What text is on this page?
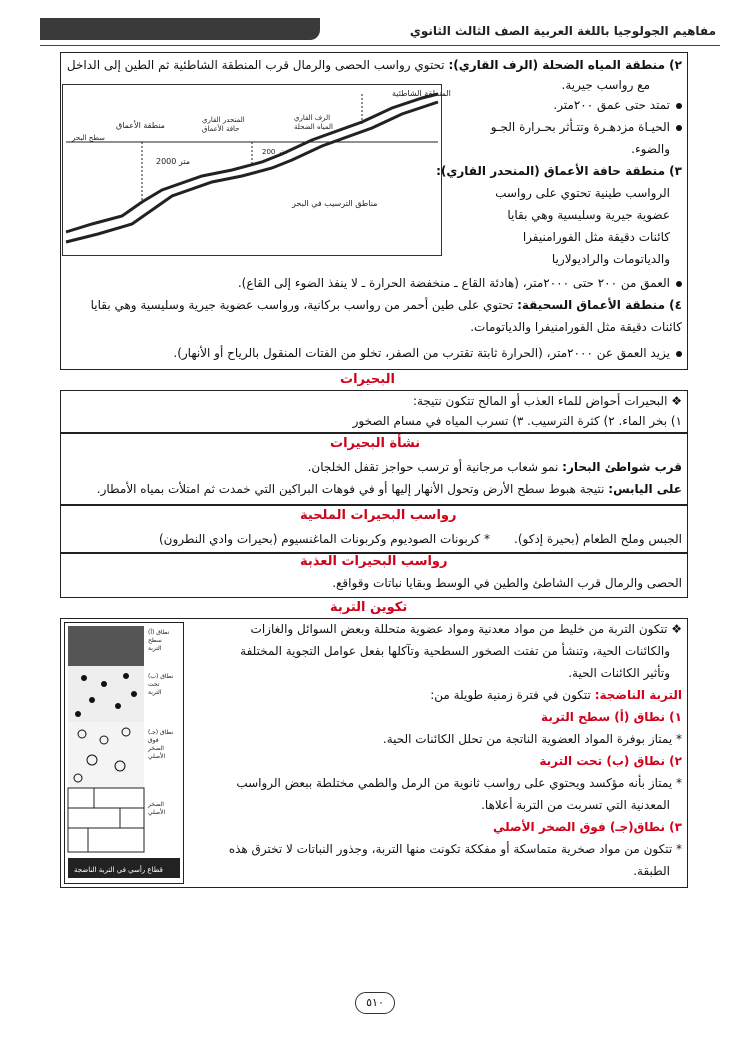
مفاهيم الجولوجيا باللغة العربية الصف الثالث الثانوي
٢) منطقة المياه الضحلة (الرف القاري): تحتوي رواسب الحصى والرمال قرب المنطقة الشاطئية ثم الطين إلى الداخل
مع رواسب جيرية.
المنطقة الشاطئية
الرف القاري المياه الضحلة
المنحدر القاري حافة الأعماق
منطقة الأعماق
سطح البحر
200 متر
2000 متر
مناطق الترسيب في البحر
تمتد حتى عمق ٢٠٠متر.
الحيـاة مزدهـرة وتتـأثر بحـرارة الجـو
والضوء.
٣) منطقة حافة الأعماق (المنحدر القاري):
الرواسب طينية تحتوي على رواسب
عضوية جيرية وسليسية وهي بقايا
كائنات دقيقة مثل الفورامنيفرا
والدياتومات والراديولاريا
العمق من ٢٠٠ حتى ٢٠٠٠متر، (هادئة القاع ـ منخفضة الحرارة ـ لا ينفذ الضوء إلى القاع).
٤) منطقة الأعماق السحيقة: تحتوي على طين أحمر من رواسب بركانية، ورواسب عضوية جيرية وسليسية وهي بقايا
كائنات دقيقة مثل الفورامنيفرا والدياتومات.
يزيد العمق عن ٢٠٠٠متر، (الحرارة ثابتة تقترب من الصفر، تخلو من الفتات المنقول بالرياح أو الأنهار).
البحيرات
❖ البحيرات أحواض للماء العذب أو المالح تتكون نتيجة:
١) بخر الماء. ٢) كثرة الترسيب. ٣) تسرب المياه في مسام الصخور
نشأة البحيرات
قرب شواطئ البحار: نمو شعاب مرجانية أو ترسب حواجز تقفل الخلجان.
على اليابس: نتيجة هبوط سطح الأرض وتحول الأنهار إليها أو في فوهات البراكين التي خمدت ثم امتلأت بمياه الأمطار.
رواسب البحيرات الملحية
الجبس وملح الطعام (بحيرة إدكو).
* كربونات الصوديوم وكربونات الماغنسيوم (بحيرات وادي النطرون)
رواسب البحيرات العذبة
الحصى والرمال قرب الشاطئ والطين في الوسط وبقايا نباتات وقواقع.
تكوين التربة
❖ تتكون التربة من خليط من مواد معدنية ومواد عضوية متحللة وبعض السوائل والغازات
والكائنات الحية، وتنشأ من تفتت الصخور السطحية وتآكلها بفعل عوامل التجوية المختلفة
وتأثير الكائنات الحية.
التربة الناضجة: تتكون في فترة زمنية طويلة من:
١) نطاق (أ) سطح التربة
* يمتاز بوفرة المواد العضوية الناتجة من تحلل الكائنات الحية.
٢) نطاق (ب) تحت التربة
* يمتاز بأنه مؤكسد ويحتوي على رواسب ثانوية من الرمل والطمي مختلطة ببعض الرواسب
المعدنية التي تسربت من التربة أعلاها.
٣) نطاق(جـ) فوق الصخر الأصلي
* تتكون من مواد صخرية متماسكة أو مفككة تكونت منها التربة، وجذور النباتات لا تخترق هذه
الطبقة.
نطاق (أ) سطح التربة
نطاق (ب) تحت التربة
نطاق (جـ) فوق الصخر الأصلي
الصخر الأصلي
قطاع رأسي في التربة الناضجة
٥١٠
